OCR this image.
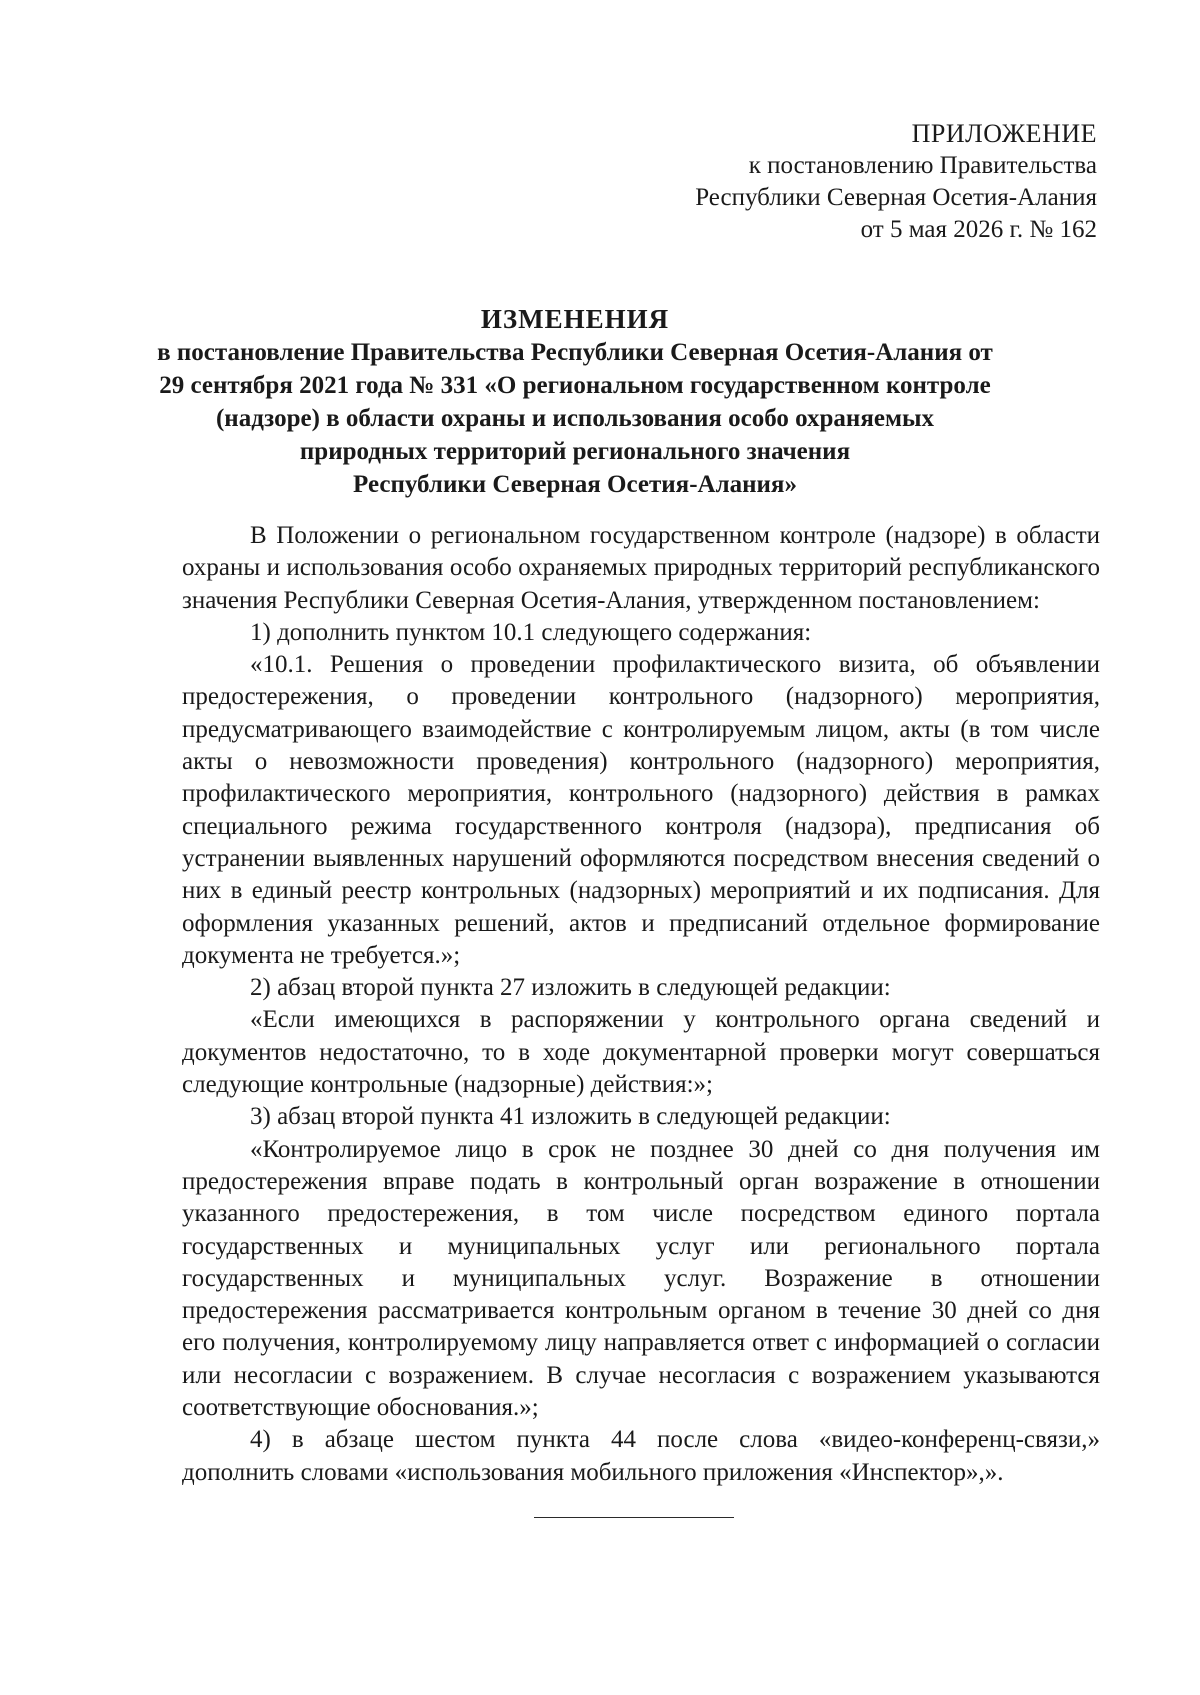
ПРИЛОЖЕНИЕ
к постановлению Правительства
Республики Северная Осетия-Алания
от 5 мая 2026 г. № 162
ИЗМЕНЕНИЯ
в постановление Правительства Республики Северная Осетия-Алания от
29 сентября 2021 года № 331 «О региональном государственном контроле
(надзоре) в области охраны и использования особо охраняемых
природных территорий регионального значения
Республики Северная Осетия-Алания»

В Положении о региональном государственном контроле (надзоре) в области охраны и использования особо охраняемых природных территорий республиканского значения Республики Северная Осетия-Алания, утвержденном постановлением:

1) дополнить пунктом 10.1 следующего содержания:

«10.1. Решения о проведении профилактического визита, об объявлении предостережения, о проведении контрольного (надзорного) мероприятия, предусматривающего взаимодействие с контролируемым лицом, акты (в том числе акты о невозможности проведения) контрольного (надзорного) мероприятия, профилактического мероприятия, контрольного (надзорного) действия в рамках специального режима государственного контроля (надзора), предписания об устранении выявленных нарушений оформляются посредством внесения сведений о них в единый реестр контрольных (надзорных) мероприятий и их подписания. Для оформления указанных решений, актов и предписаний отдельное формирование документа не требуется.»;

2) абзац второй пункта 27 изложить в следующей редакции:

«Если имеющихся в распоряжении у контрольного органа сведений и документов недостаточно, то в ходе документарной проверки могут совершаться следующие контрольные (надзорные) действия:»;

3) абзац второй пункта 41 изложить в следующей редакции:

«Контролируемое лицо в срок не позднее 30 дней со дня получения им предостережения вправе подать в контрольный орган возражение в отношении указанного предостережения, в том числе посредством единого портала государственных и муниципальных услуг или регионального портала государственных и муниципальных услуг. Возражение в отношении предостережения рассматривается контрольным органом в течение 30 дней со дня его получения, контролируемому лицу направляется ответ с информацией о согласии или несогласии с возражением. В случае несогласия с возражением указываются соответствующие обоснования.»;

4) в абзаце шестом пункта 44 после слова «видео-конференц-связи,» дополнить словами «использования мобильного приложения «Инспектор»,».
